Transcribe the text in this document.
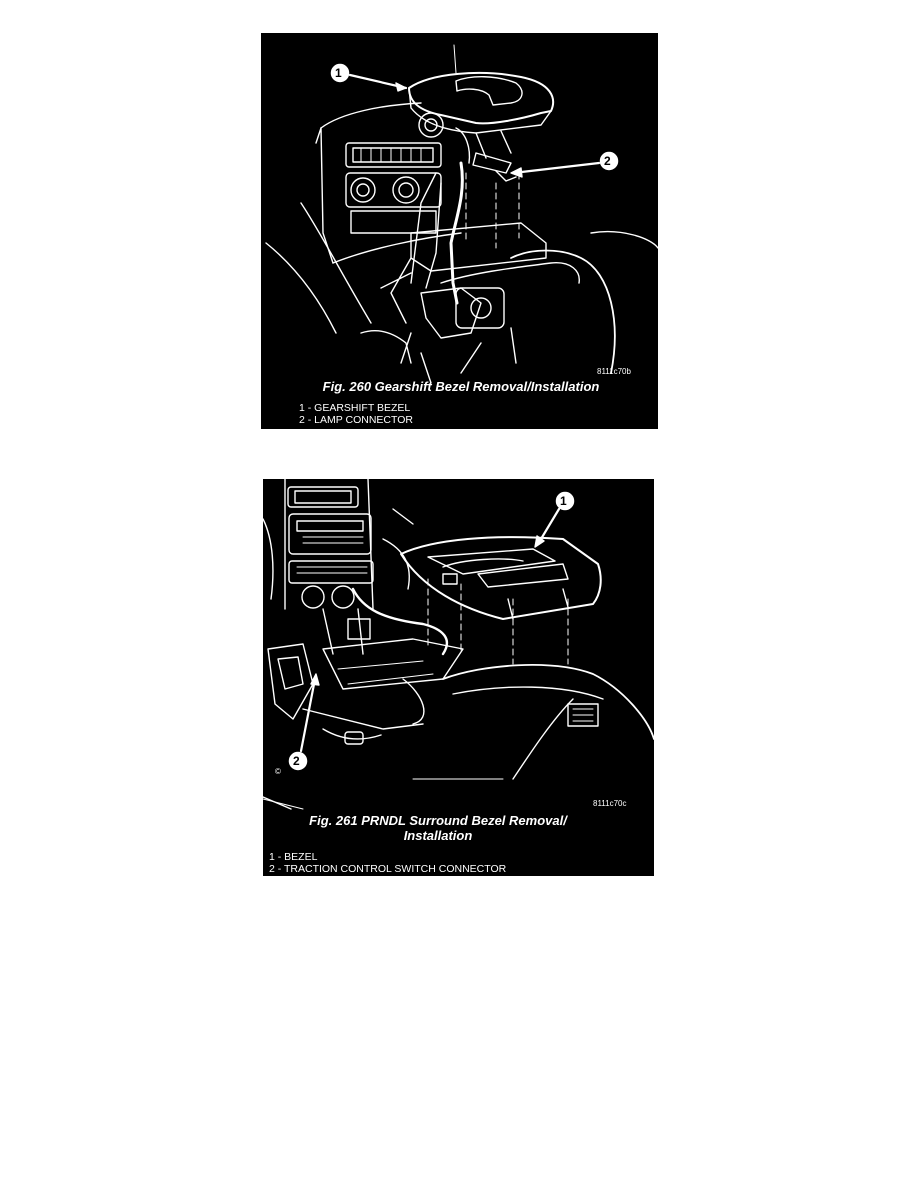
1
2
8111c70b
Fig. 260 Gearshift Bezel Removal/Installation
1 - GEARSHIFT BEZEL
2 - LAMP CONNECTOR
1
2
©
8111c70c
Fig. 261 PRNDL Surround Bezel Removal/
Installation
1 - BEZEL
2 - TRACTION CONTROL SWITCH CONNECTOR
